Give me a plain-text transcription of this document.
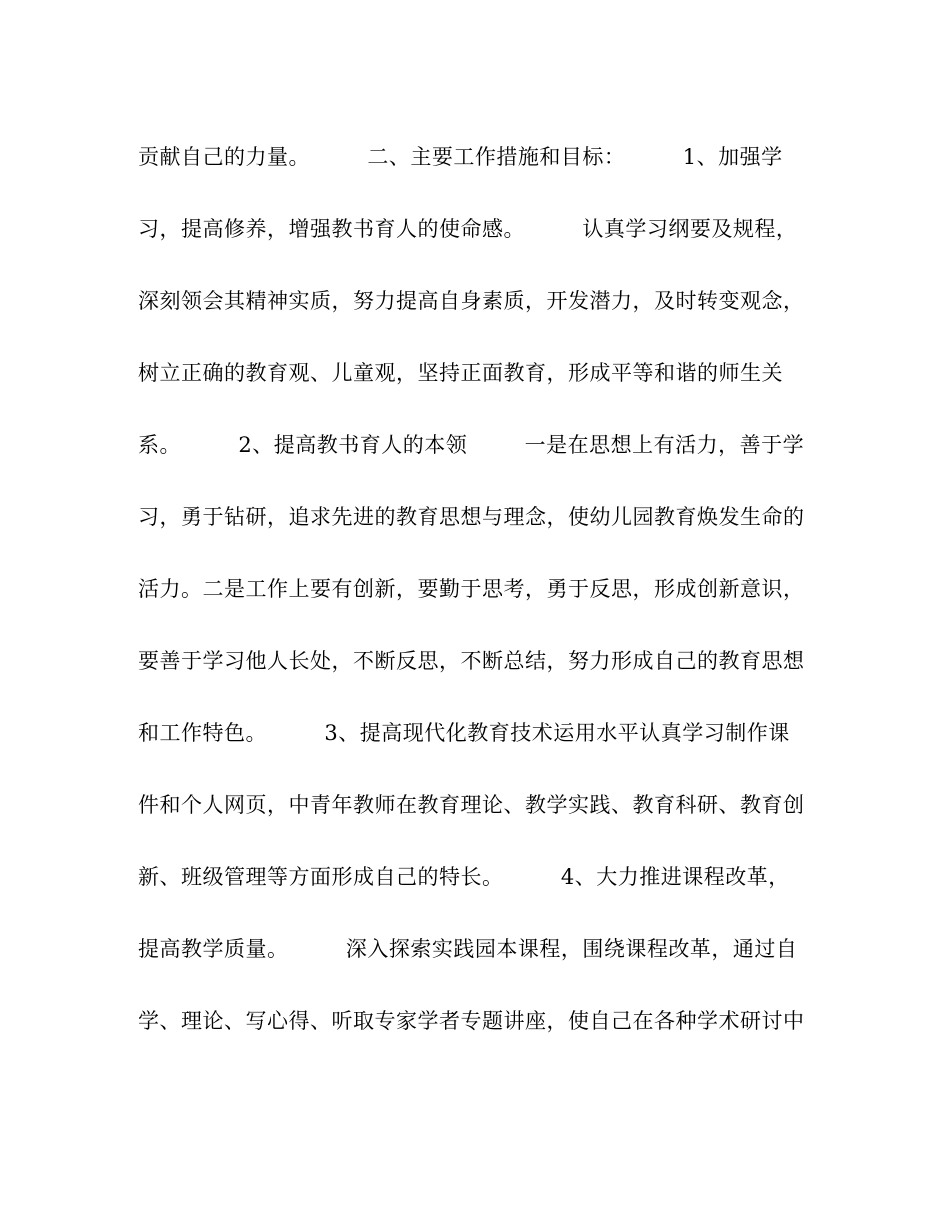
贡献自己的力量。        二、主要工作措施和目标：        1、加强学
习，提高修养，增强教书育人的使命感。        认真学习纲要及规程，
深刻领会其精神实质，努力提高自身素质，开发潜力，及时转变观念，
树立正确的教育观、儿童观，坚持正面教育，形成平等和谐的师生关
系。        2、提高教书育人的本领        一是在思想上有活力，善于学
习，勇于钻研，追求先进的教育思想与理念，使幼儿园教育焕发生命的
活力。二是工作上要有创新，要勤于思考，勇于反思，形成创新意识，
要善于学习他人长处，不断反思，不断总结，努力形成自己的教育思想
和工作特色。        3、提高现代化教育技术运用水平认真学习制作课
件和个人网页，中青年教师在教育理论、教学实践、教育科研、教育创
新、班级管理等方面形成自己的特长。        4、大力推进课程改革，
提高教学质量。        深入探索实践园本课程，围绕课程改革，通过自
学、理论、写心得、听取专家学者专题讲座，使自己在各种学术研讨中
